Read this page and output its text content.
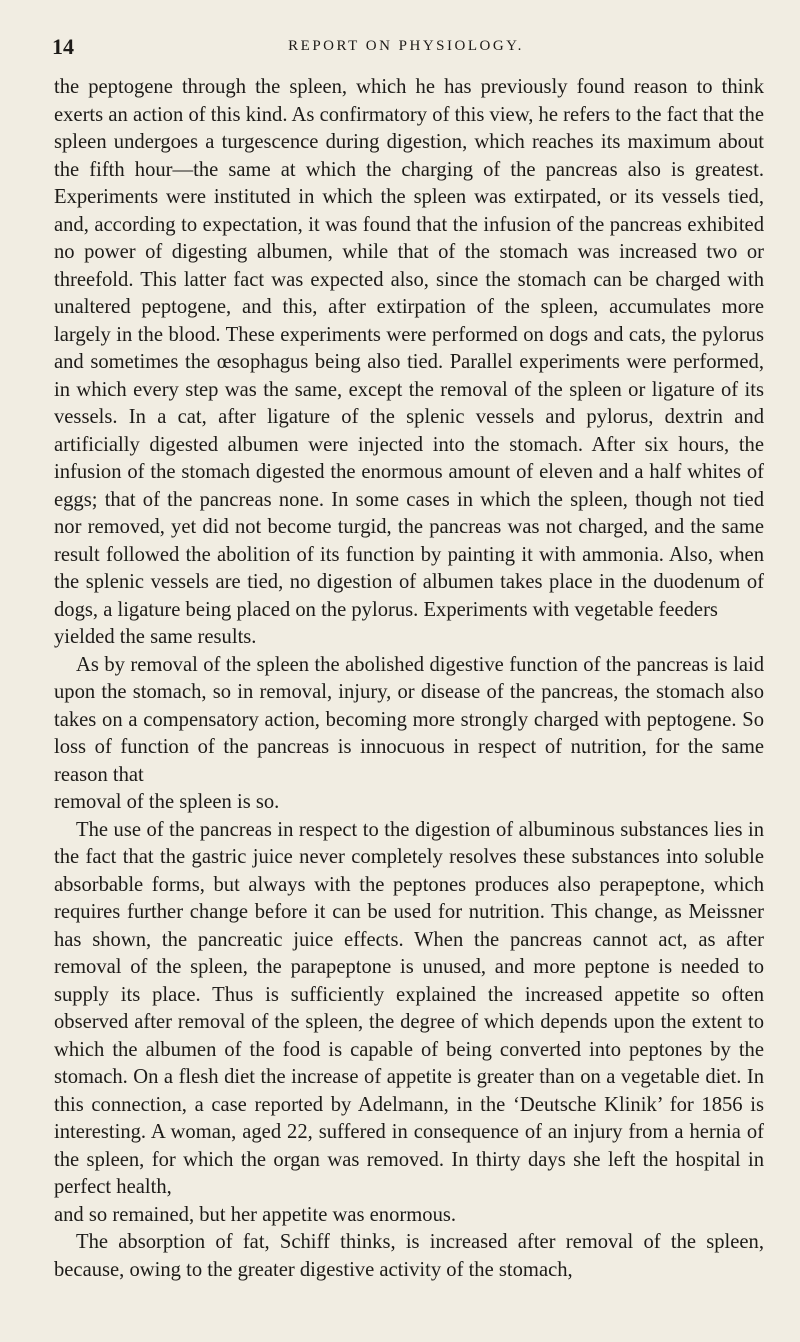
14	REPORT ON PHYSIOLOGY.

the peptogene through the spleen, which he has previously found reason to think exerts an action of this kind. As confirmatory of this view, he refers to the fact that the spleen undergoes a turgescence during digestion, which reaches its maximum about the fifth hour—the same at which the charging of the pancreas also is greatest. Experiments were instituted in which the spleen was extirpated, or its vessels tied, and, according to expectation, it was found that the infusion of the pancreas exhibited no power of digesting albumen, while that of the stomach was increased two or threefold. This latter fact was expected also, since the stomach can be charged with unaltered peptogene, and this, after extirpation of the spleen, accumulates more largely in the blood. These experiments were performed on dogs and cats, the pylorus and sometimes the œsophagus being also tied. Parallel experiments were performed, in which every step was the same, except the removal of the spleen or ligature of its vessels. In a cat, after ligature of the splenic vessels and pylorus, dextrin and artificially digested albumen were injected into the stomach. After six hours, the infusion of the stomach digested the enormous amount of eleven and a half whites of eggs; that of the pancreas none. In some cases in which the spleen, though not tied nor removed, yet did not become turgid, the pancreas was not charged, and the same result followed the abolition of its function by painting it with ammonia. Also, when the splenic vessels are tied, no digestion of albumen takes place in the duodenum of dogs, a ligature being placed on the pylorus. Experiments with vegetable feeders

yielded the same results.

As by removal of the spleen the abolished digestive function of the pancreas is laid upon the stomach, so in removal, injury, or disease of the pancreas, the stomach also takes on a compensatory action, becoming more strongly charged with peptogene. So loss of function of the pancreas is innocuous in respect of nutrition, for the same reason that

removal of the spleen is so.

The use of the pancreas in respect to the digestion of albuminous substances lies in the fact that the gastric juice never completely resolves these substances into soluble absorbable forms, but always with the peptones produces also perapeptone, which requires further change before it can be used for nutrition. This change, as Meissner has shown, the pancreatic juice effects. When the pancreas cannot act, as after removal of the spleen, the parapeptone is unused, and more peptone is needed to supply its place. Thus is sufficiently explained the increased appetite so often observed after removal of the spleen, the degree of which depends upon the extent to which the albumen of the food is capable of being converted into peptones by the stomach. On a flesh diet the increase of appetite is greater than on a vegetable diet. In this connection, a case reported by Adelmann, in the ‘Deutsche Klinik’ for 1856 is interesting. A woman, aged 22, suffered in consequence of an injury from a hernia of the spleen, for which the organ was removed. In thirty days she left the hospital in perfect health,

and so remained, but her appetite was enormous.

The absorption of fat, Schiff thinks, is increased after removal of the spleen, because, owing to the greater digestive activity of the stomach,
